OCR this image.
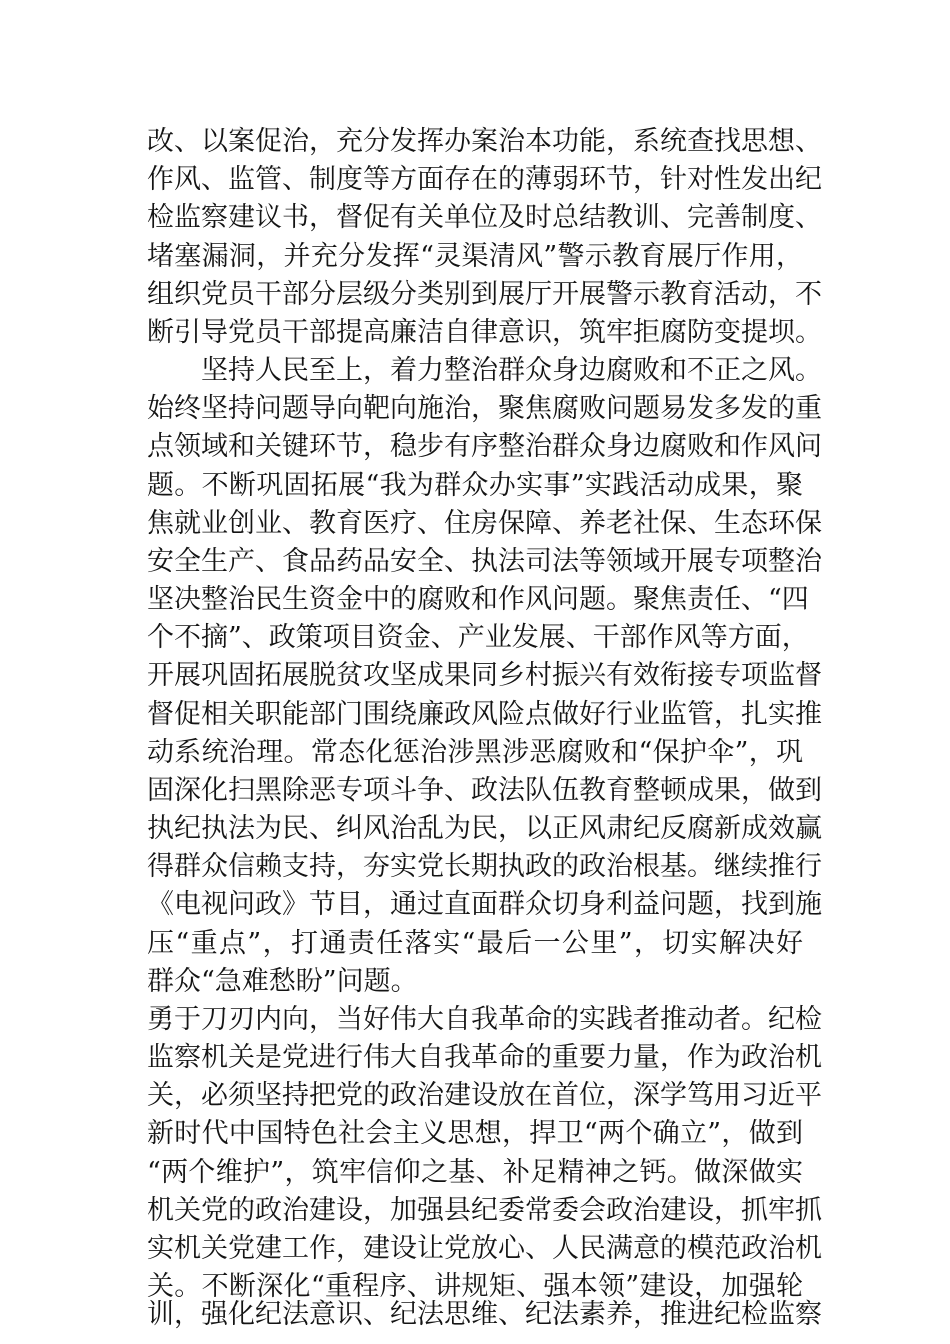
改、以案促治，充分发挥办案治本功能，系统查找思想、
作风、监管、制度等方面存在的薄弱环节，针对性发出纪
检监察建议书，督促有关单位及时总结教训、完善制度、
堵塞漏洞，并充分发挥“灵渠清风”警示教育展厅作用，
组织党员干部分层级分类别到展厅开展警示教育活动，不
断引导党员干部提高廉洁自律意识，筑牢拒腐防变提坝。
坚持人民至上，着力整治群众身边腐败和不正之风。
始终坚持问题导向靶向施治，聚焦腐败问题易发多发的重
点领域和关键环节，稳步有序整治群众身边腐败和作风问
题。不断巩固拓展“我为群众办实事”实践活动成果，聚
焦就业创业、教育医疗、住房保障、养老社保、生态环保
安全生产、食品药品安全、执法司法等领域开展专项整治
坚决整治民生资金中的腐败和作风问题。聚焦责任、“四
个不摘”、政策项目资金、产业发展、干部作风等方面，
开展巩固拓展脱贫攻坚成果同乡村振兴有效衔接专项监督
督促相关职能部门围绕廉政风险点做好行业监管，扎实推
动系统治理。常态化惩治涉黑涉恶腐败和“保护伞”，巩
固深化扫黑除恶专项斗争、政法队伍教育整顿成果，做到
执纪执法为民、纠风治乱为民，以正风肃纪反腐新成效赢
得群众信赖支持，夯实党长期执政的政治根基。继续推行
《电视问政》节目，通过直面群众切身利益问题，找到施
压“重点”，打通责任落实“最后一公里”，切实解决好
群众“急难愁盼”问题。
勇于刀刃内向，当好伟大自我革命的实践者推动者。纪检
监察机关是党进行伟大自我革命的重要力量，作为政治机
关，必须坚持把党的政治建设放在首位，深学笃用习近平
新时代中国特色社会主义思想，捍卫“两个确立”，做到
“两个维护”，筑牢信仰之基、补足精神之钙。做深做实
机关党的政治建设，加强县纪委常委会政治建设，抓牢抓
实机关党建工作，建设让党放心、人民满意的模范政治机
关。不断深化“重程序、讲规矩、强本领”建设，加强轮
训，强化纪法意识、纪法思维、纪法素养，推进纪检监察
